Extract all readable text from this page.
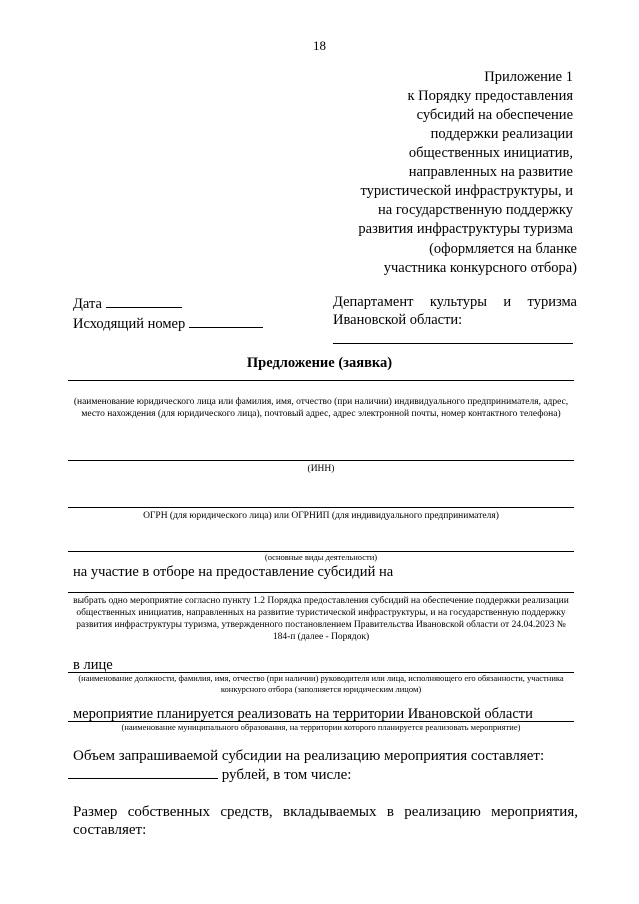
18
Приложение 1
к Порядку предоставления
субсидий на обеспечение
поддержки реализации
общественных инициатив,
направленных на развитие
туристической инфраструктуры, и
на государственную поддержку
развития инфраструктуры туризма
(оформляется на бланке
участника конкурсного отбора)
Дата
Исходящий номер
Департамент культуры и туризма
Ивановской области:
Предложение (заявка)
(наименование юридического лица или фамилия, имя, отчество (при наличии) индивидуального предпринимателя, адрес, место нахождения (для юридического лица), почтовый адрес, адрес электронной почты, номер контактного телефона)
(ИНН)
ОГРН (для юридического лица) или ОГРНИП (для индивидуального предпринимателя)
(основные виды деятельности)
на участие в отборе на предоставление субсидий на
выбрать одно мероприятие согласно пункту 1.2 Порядка предоставления субсидий на обеспечение поддержки реализации общественных инициатив, направленных на развитие туристической инфраструктуры, и на государственную поддержку развития инфраструктуры туризма, утвержденного постановлением Правительства Ивановской области от 24.04.2023 № 184-п (далее - Порядок)
в лице
(наименование должности, фамилия, имя, отчество (при наличии) руководителя или лица, исполняющего его обязанности, участника конкурсного отбора (заполняется юридическим лицом)
мероприятие планируется реализовать на территории Ивановской области
(наименование муниципального образования, на территории которого планируется реализовать мероприятие)
Объем запрашиваемой субсидии на реализацию мероприятия составляет:
рублей, в том числе:
Размер собственных средств, вкладываемых в реализацию мероприятия,
составляет:
